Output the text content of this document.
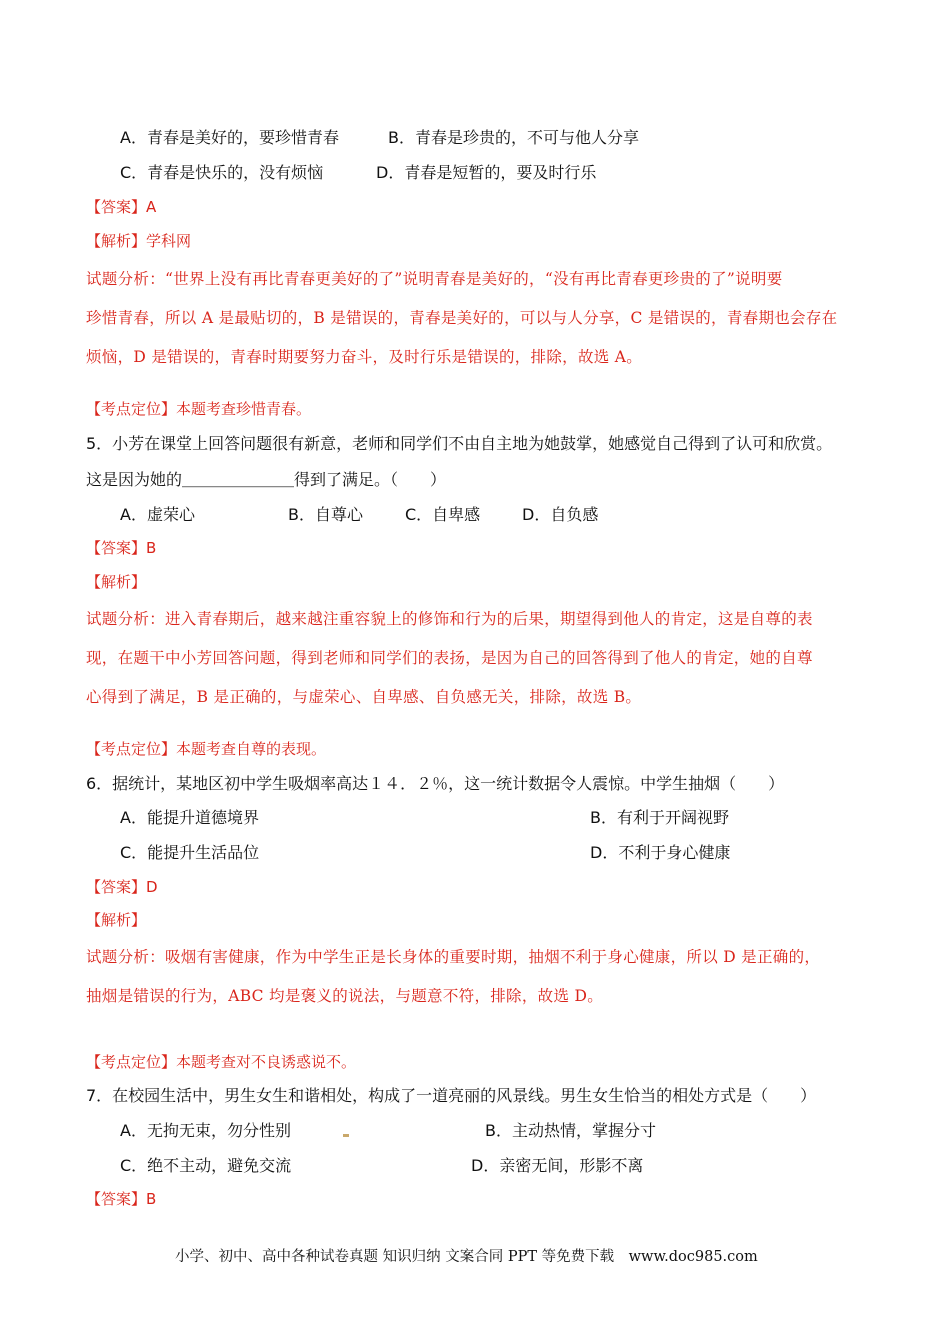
A．青春是美好的，要珍惜青春	B．青春是珍贵的，不可与他人分享
C．青春是快乐的，没有烦恼	D．青春是短暂的，要及时行乐
【答案】A
【解析】学科网
试题分析：“世界上没有再比青春更美好的了”说明青春是美好的，“没有再比青春更珍贵的了”说明要
珍惜青春，所以 A 是最贴切的，B 是错误的，青春是美好的，可以与人分享，C 是错误的，青春期也会存在
烦恼，D 是错误的，青春时期要努力奋斗，及时行乐是错误的，排除，故选 A。
【考点定位】本题考查珍惜青春。
5．小芳在课堂上回答问题很有新意，老师和同学们不由自主地为她鼓掌，她感觉自己得到了认可和欣赏。
这是因为她的＿＿＿＿＿＿＿得到了满足。（　　）
A．虚荣心	B．自尊心	C．自卑感	D．自负感
【答案】B
【解析】
试题分析：进入青春期后，越来越注重容貌上的修饰和行为的后果，期望得到他人的肯定，这是自尊的表
现，在题干中小芳回答问题，得到老师和同学们的表扬，是因为自己的回答得到了他人的肯定，她的自尊
心得到了满足，B 是正确的，与虚荣心、自卑感、自负感无关，排除，故选 B。
【考点定位】本题考查自尊的表现。
6．据统计，某地区初中学生吸烟率高达１４．２％，这一统计数据令人震惊。中学生抽烟（　　）
A．能提升道德境界	B．有利于开阔视野
C．能提升生活品位	D．不利于身心健康
【答案】D
【解析】
试题分析：吸烟有害健康，作为中学生正是长身体的重要时期，抽烟不利于身心健康，所以 D 是正确的，
抽烟是错误的行为，ABC 均是褒义的说法，与题意不符，排除，故选 D。
【考点定位】本题考查对不良诱惑说不。
7．在校园生活中，男生女生和谐相处，构成了一道亮丽的风景线。男生女生恰当的相处方式是（　　）
A．无拘无束，勿分性别	B．主动热情，掌握分寸
C．绝不主动，避免交流	D．亲密无间，形影不离
【答案】B
小学、初中、高中各种试卷真题 知识归纳 文案合同 PPT 等免费下载　www.doc985.com
